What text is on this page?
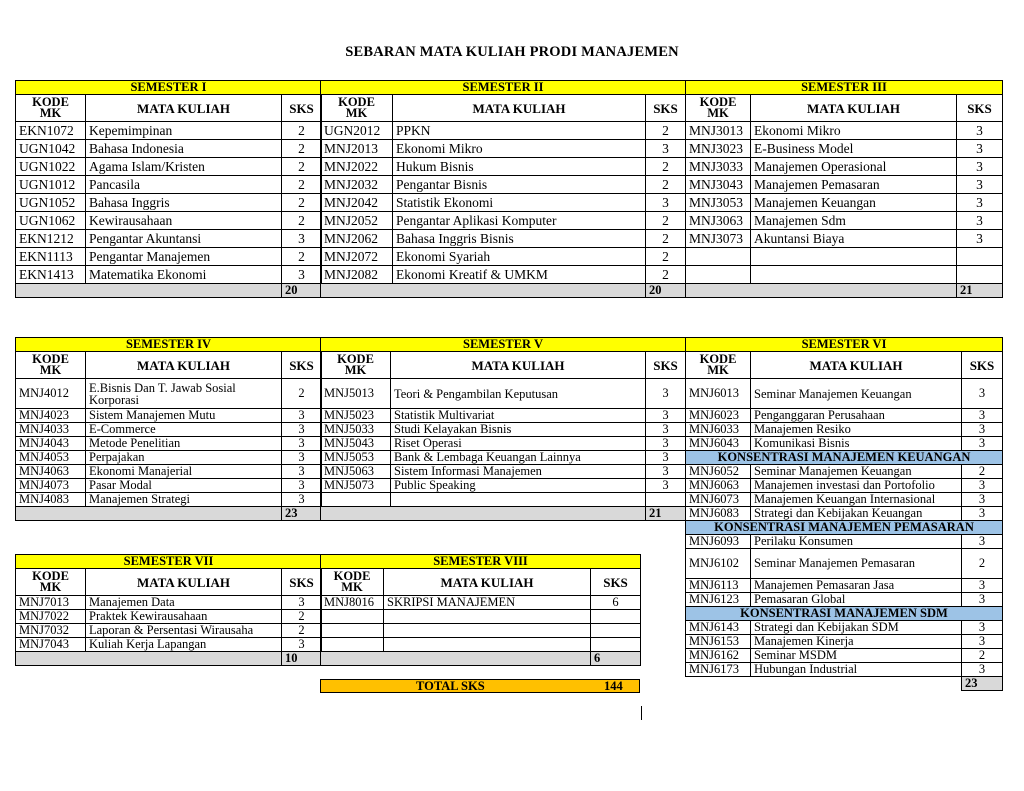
SEBARAN MATA KULIAH PRODI MANAJEMEN
SEMESTER I		
KODE
MK	MATA KULIAH	SKS
EKN1072	Kepemimpinan	2
UGN1042	Bahasa Indonesia	2
UGN1022	Agama Islam/Kristen	2
UGN1012	Pancasila	2
UGN1052	Bahasa Inggris	2
UGN1062	Kewirausahaan	2
EKN1212	Pengantar Akuntansi	3
EKN1113	Pengantar Manajemen	2
EKN1413	Matematika Ekonomi	3
		20
SEMESTER II		
KODE
MK	MATA KULIAH	SKS
UGN2012	PPKN	2
MNJ2013	Ekonomi Mikro	3
MNJ2022	Hukum Bisnis	2
MNJ2032	Pengantar Bisnis	2
MNJ2042	Statistik Ekonomi	3
MNJ2052	Pengantar Aplikasi Komputer	2
MNJ2062	Bahasa Inggris Bisnis	2
MNJ2072	Ekonomi Syariah	2
MNJ2082	Ekonomi Kreatif & UMKM	2
		20
SEMESTER III		
KODE
MK	MATA KULIAH	SKS
MNJ3013	Ekonomi Mikro	3
MNJ3023	E-Business Model	3
MNJ3033	Manajemen Operasional	3
MNJ3043	Manajemen Pemasaran	3
MNJ3053	Manajemen Keuangan	3
MNJ3063	Manajemen Sdm	3
MNJ3073	Akuntansi Biaya	3

		21
SEMESTER IV		
KODE
MK	MATA KULIAH	SKS
MNJ4012	E.Bisnis Dan T. Jawab Sosial Korporasi	2
MNJ4023	Sistem Manajemen Mutu	3
MNJ4033	E-Commerce	3
MNJ4043	Metode Penelitian	3
MNJ4053	Perpajakan	3
MNJ4063	Ekonomi Manajerial	3
MNJ4073	Pasar Modal	3
MNJ4083	Manajemen Strategi	3
		23
SEMESTER V		
KODE
MK	MATA KULIAH	SKS
MNJ5013	Teori & Pengambilan Keputusan	3
MNJ5023	Statistik Multivariat	3
MNJ5033	Studi Kelayakan Bisnis	3
MNJ5043	Riset Operasi	3
MNJ5053	Bank & Lembaga Keuangan Lainnya	3
MNJ5063	Sistem Informasi Manajemen	3
MNJ5073	Public Speaking	3

		21
SEMESTER VI		
KODE
MK	MATA KULIAH	SKS
MNJ6013	Seminar Manajemen Keuangan	3
MNJ6023	Penganggaran Perusahaan	3
MNJ6033	Manajemen Resiko	3
MNJ6043	Komunikasi Bisnis	3
KONSENTRASI MANAJEMEN KEUANGAN		
MNJ6052	Seminar Manajemen Keuangan	2
MNJ6063	Manajemen investasi dan Portofolio	3
MNJ6073	Manajemen Keuangan Internasional	3
MNJ6083	Strategi dan Kebijakan Keuangan	3
KONSENTRASI MANAJEMEN PEMASARAN		
MNJ6093	Perilaku Konsumen	3
MNJ6102	Seminar Manajemen Pemasaran	2
MNJ6113	Manajemen Pemasaran Jasa	3
MNJ6123	Pemasaran Global	3
KONSENTRASI MANAJEMEN SDM		
MNJ6143	Strategi dan Kebijakan SDM	3
MNJ6153	Manajemen Kinerja	3
MNJ6162	Seminar MSDM	2
MNJ6173	Hubungan Industrial	3
		23
SEMESTER VII		
KODE
MK	MATA KULIAH	SKS
MNJ7013	Manajemen Data	3
MNJ7022	Praktek Kewirausahaan	2
MNJ7032	Laporan & Persentasi Wirausaha	2
MNJ7043	Kuliah Kerja Lapangan	3
		10
SEMESTER VIII		
KODE
MK	MATA KULIAH	SKS
MNJ8016	SKRIPSI MANAJEMEN	6

		6
TOTAL SKS	144
